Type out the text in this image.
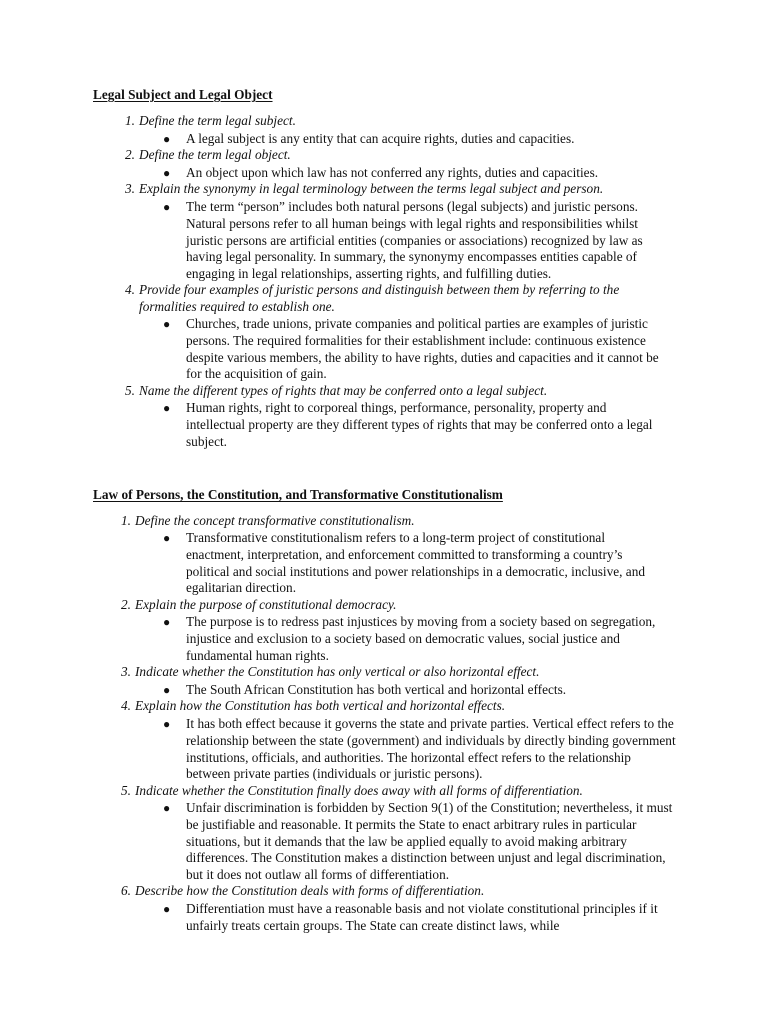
Legal Subject and Legal Object
1. Define the term legal subject.
● A legal subject is any entity that can acquire rights, duties and capacities.
2. Define the term legal object.
● An object upon which law has not conferred any rights, duties and capacities.
3. Explain the synonymy in legal terminology between the terms legal subject and person.
● The term “person” includes both natural persons (legal subjects) and juristic persons. Natural persons refer to all human beings with legal rights and responsibilities whilst juristic persons are artificial entities (companies or associations) recognized by law as having legal personality. In summary, the synonymy encompasses entities capable of engaging in legal relationships, asserting rights, and fulfilling duties.
4. Provide four examples of juristic persons and distinguish between them by referring to the formalities required to establish one.
● Churches, trade unions, private companies and political parties are examples of juristic persons. The required formalities for their establishment include: continuous existence despite various members, the ability to have rights, duties and capacities and it cannot be for the acquisition of gain.
5. Name the different types of rights that may be conferred onto a legal subject.
● Human rights, right to corporeal things, performance, personality, property and intellectual property are they different types of rights that may be conferred onto a legal subject.
Law of Persons, the Constitution, and Transformative Constitutionalism
1. Define the concept transformative constitutionalism.
● Transformative constitutionalism refers to a long-term project of constitutional enactment, interpretation, and enforcement committed to transforming a country’s political and social institutions and power relationships in a democratic, inclusive, and egalitarian direction.
2. Explain the purpose of constitutional democracy.
● The purpose is to redress past injustices by moving from a society based on segregation, injustice and exclusion to a society based on democratic values, social justice and fundamental human rights.
3. Indicate whether the Constitution has only vertical or also horizontal effect.
● The South African Constitution has both vertical and horizontal effects.
4. Explain how the Constitution has both vertical and horizontal effects.
● It has both effect because it governs the state and private parties. Vertical effect refers to the relationship between the state (government) and individuals by directly binding government institutions, officials, and authorities. The horizontal effect refers to the relationship between private parties (individuals or juristic persons).
5. Indicate whether the Constitution finally does away with all forms of differentiation.
● Unfair discrimination is forbidden by Section 9(1) of the Constitution; nevertheless, it must be justifiable and reasonable. It permits the State to enact arbitrary rules in particular situations, but it demands that the law be applied equally to avoid making arbitrary differences. The Constitution makes a distinction between unjust and legal discrimination, but it does not outlaw all forms of differentiation.
6. Describe how the Constitution deals with forms of differentiation.
● Differentiation must have a reasonable basis and not violate constitutional principles if it unfairly treats certain groups. The State can create distinct laws, while
